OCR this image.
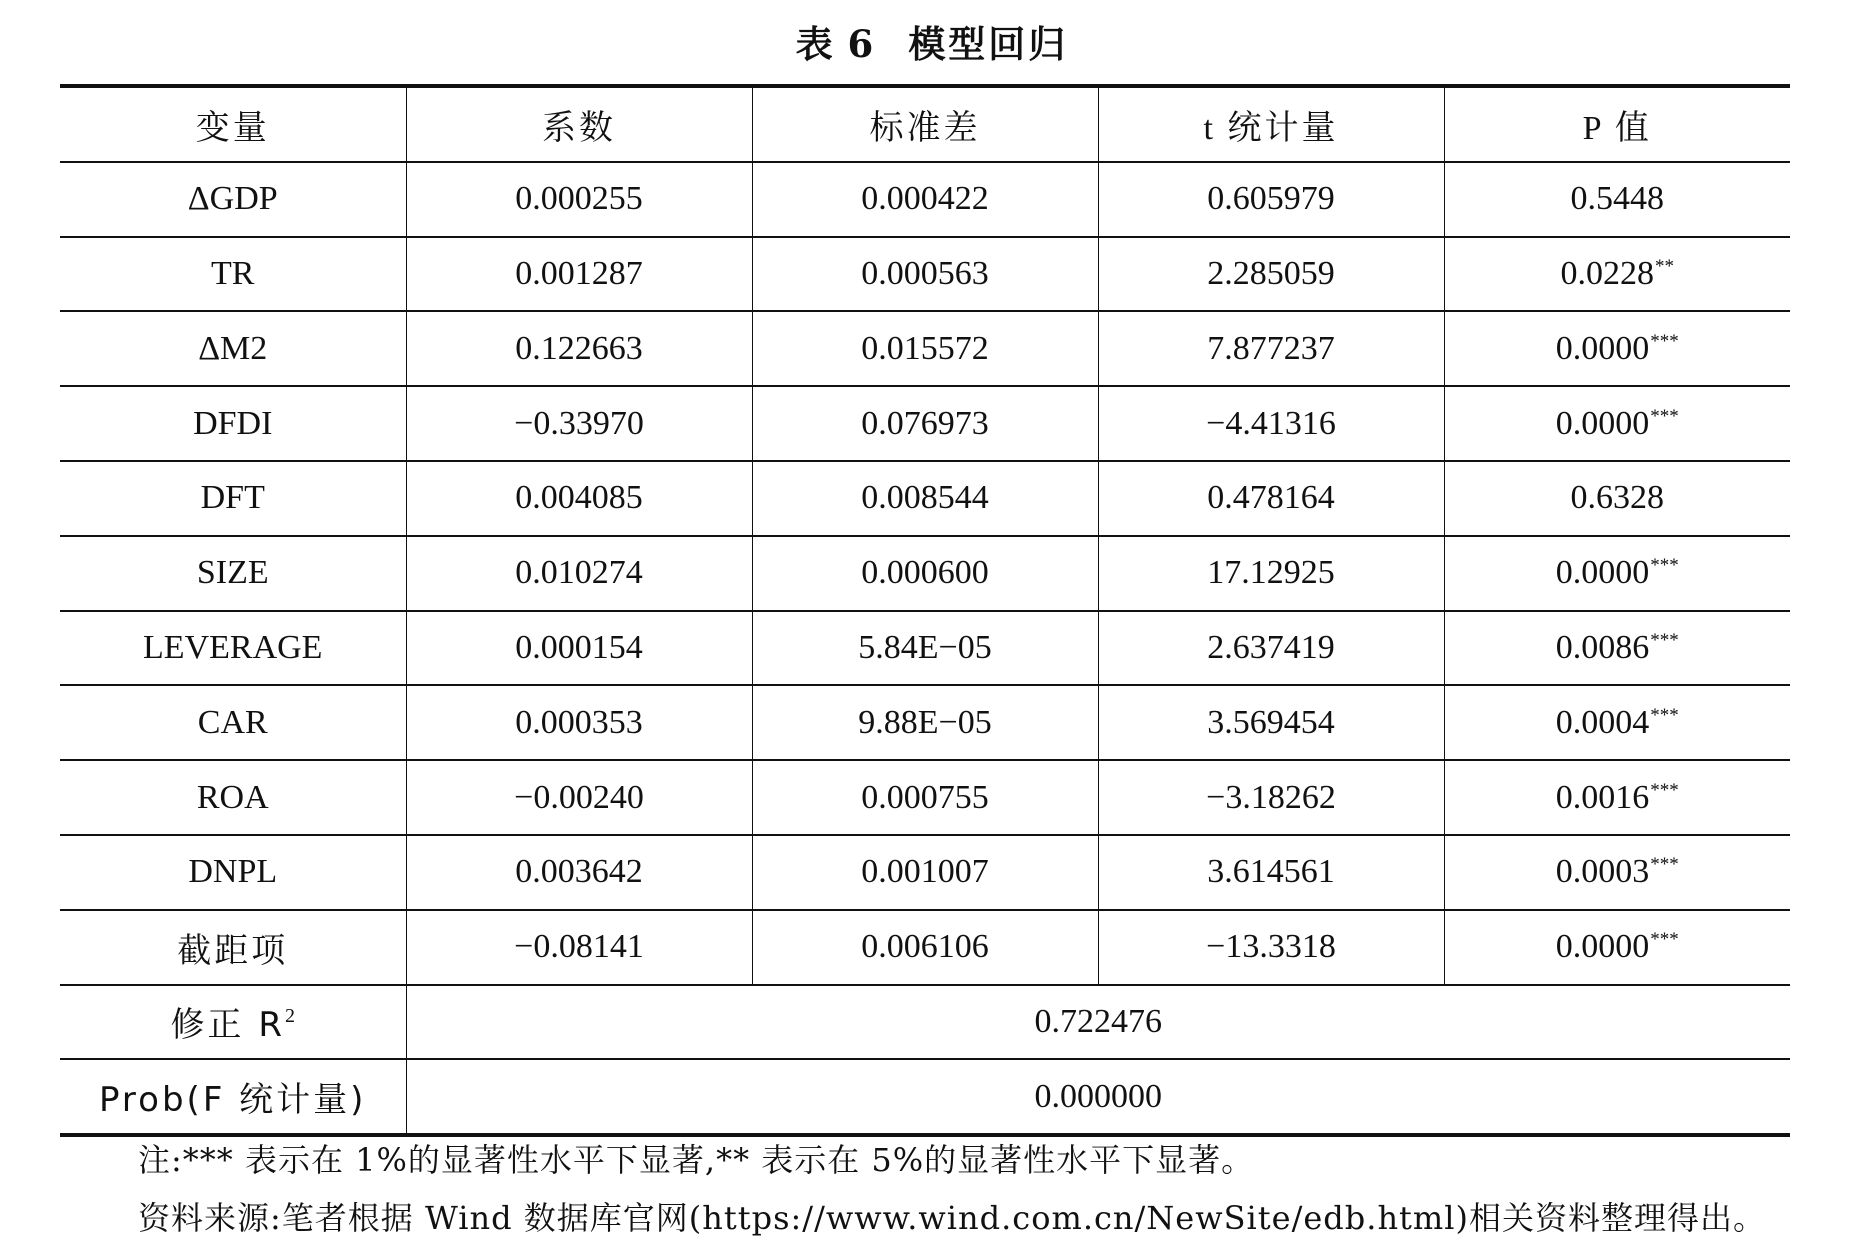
表 6 模型回归
变量	系数	标准差	t 统计量	P 值
ΔGDP	0.000255	0.000422	0.605979	0.5448
TR	0.001287	0.000563	2.285059	0.0228**
ΔM2	0.122663	0.015572	7.877237	0.0000***
DFDI	−0.33970	0.076973	−4.41316	0.0000***
DFT	0.004085	0.008544	0.478164	0.6328
SIZE	0.010274	0.000600	17.12925	0.0000***
LEVERAGE	0.000154	5.84E−05	2.637419	0.0086***
CAR	0.000353	9.88E−05	3.569454	0.0004***
ROA	−0.00240	0.000755	−3.18262	0.0016***
DNPL	0.003642	0.001007	3.614561	0.0003***
截距项	−0.08141	0.006106	−13.3318	0.0000***
修正 $R^2$	0.722476			
Prob(F 统计量)	0.000000			
注:*** 表示在 1%的显著性水平下显著,** 表示在 5%的显著性水平下显著。
资料来源:笔者根据 Wind 数据库官网(https://www.wind.com.cn/NewSite/edb.html)相关资料整理得出。
